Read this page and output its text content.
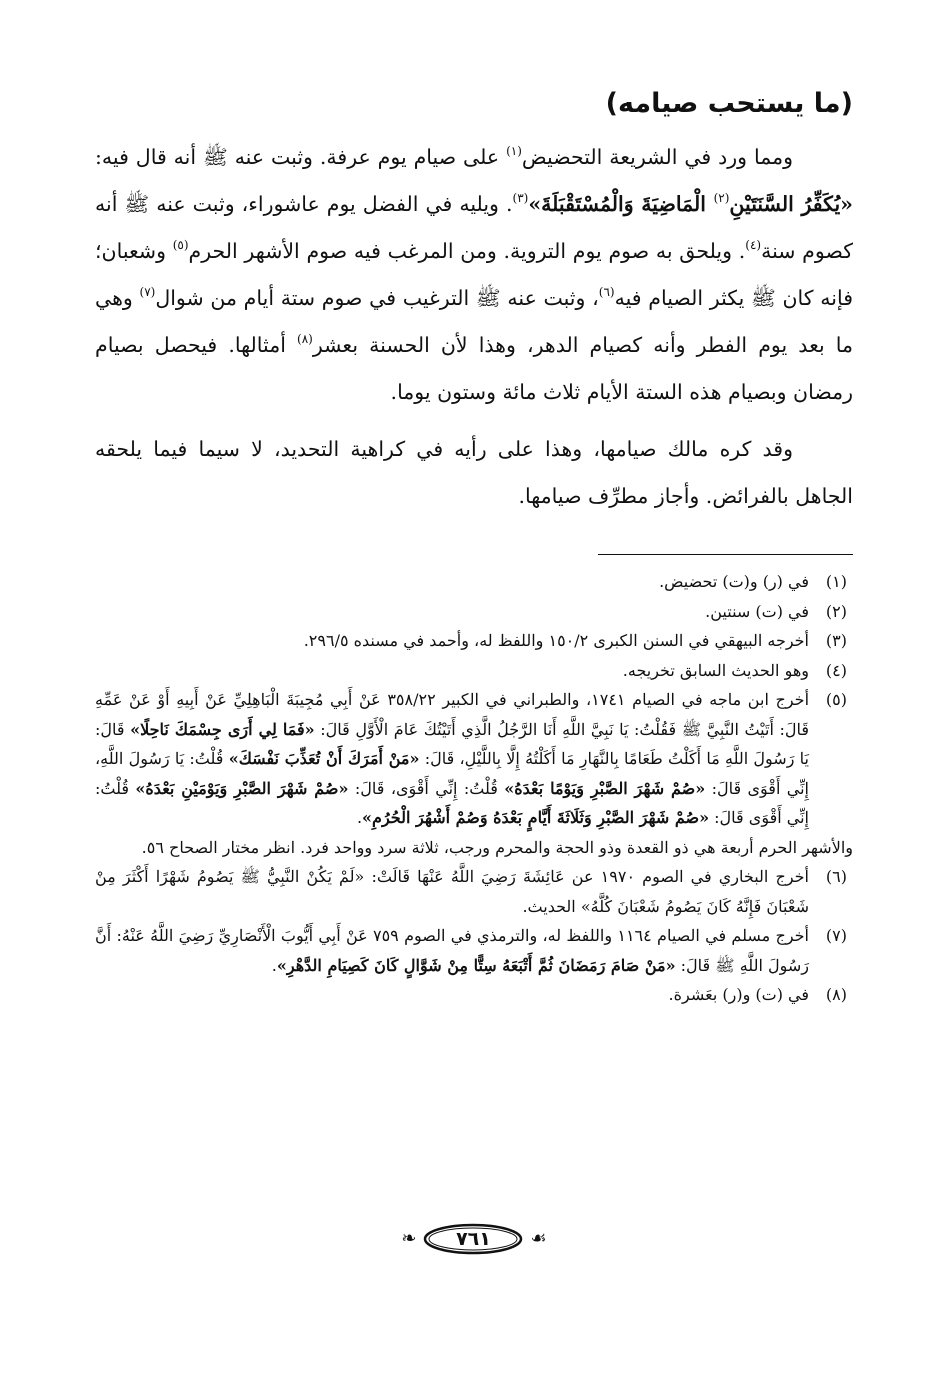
(ما يستحب صيامه)

ومما ورد في الشريعة التحضيض$^{(١)}$ على صيام يوم عرفة. وثبت عنه ﷺ أنه قال فيه: «يُكَفِّرُ السَّنَتَيْنِ$^{(٢)}$ الْمَاضِيَةَ وَالْمُسْتَقْبَلَةَ»$^{(٣)}$. ويليه في الفضل يوم عاشوراء، وثبت عنه ﷺ أنه كصوم سنة$^{(٤)}$. ويلحق به صوم يوم التروية. ومن المرغب فيه صوم الأشهر الحرم$^{(٥)}$ وشعبان؛ فإنه كان ﷺ يكثر الصيام فيه$^{(٦)}$، وثبت عنه ﷺ الترغيب في صوم ستة أيام من شوال$^{(٧)}$ وهي ما بعد يوم الفطر وأنه كصيام الدهر، وهذا لأن الحسنة بعشر$^{(٨)}$ أمثالها. فيحصل بصيام رمضان وبصيام هذه الستة الأيام ثلاث مائة وستون يوما.

وقد كره مالك صيامها، وهذا على رأيه في كراهية التحديد، لا سيما فيما يلحقه الجاهل بالفرائض. وأجاز مطرِّف صيامها.

(١)
في (ر) و(ت) تحضيض.
(٢)
في (ت) سنتين.
(٣)
أخرجه البيهقي في السنن الكبرى ١٥٠/٢ واللفظ له، وأحمد في مسنده ٢٩٦/٥.
(٤)
وهو الحديث السابق تخريجه.
(٥)
أخرج ابن ماجه في الصيام ١٧٤١، والطبراني في الكبير ٣٥٨/٢٢ عَنْ أَبِي مُجِيبَةَ الْبَاهِلِيِّ عَنْ أَبِيهِ أَوْ عَنْ عَمِّهِ قَالَ: أَتَيْتُ النَّبِيَّ ﷺ فَقُلْتُ: يَا نَبِيَّ اللَّهِ أَنَا الرَّجُلُ الَّذِي أَتَيْتُكَ عَامَ الْأَوَّلِ قَالَ: «فَمَا لِي أَرَى جِسْمَكَ نَاحِلًا» قَالَ: يَا رَسُولَ اللَّهِ مَا أَكَلْتُ طَعَامًا بِالنَّهَارِ مَا أَكَلْتُهُ إِلَّا بِاللَّيْلِ، قَالَ: «مَنْ أَمَرَكَ أَنْ تُعَذِّبَ نَفْسَكَ» قُلْتُ: يَا رَسُولَ اللَّهِ، إِنِّي أَقْوَى قَالَ: «صُمْ شَهْرَ الصَّبْرِ وَيَوْمًا بَعْدَهُ» قُلْتُ: إِنِّي أَقْوَى، قَالَ: «صُمْ شَهْرَ الصَّبْرِ وَيَوْمَيْنِ بَعْدَهُ» قُلْتُ: إِنِّي أَقْوَى قَالَ: «صُمْ شَهْرَ الصَّبْرِ وَثَلَاثَةَ أَيَّامٍ بَعْدَهُ وَصُمْ أَشْهُرَ الْحُرُمِ».

والأشهر الحرم أربعة هي ذو القعدة وذو الحجة والمحرم ورجب، ثلاثة سرد وواحد فرد. انظر مختار الصحاح ٥٦.

(٦)
أخرج البخاري في الصوم ١٩٧٠ عن عَائِشَةَ رَضِيَ اللَّهُ عَنْهَا قَالَتْ: «لَمْ يَكُنْ النَّبِيُّ ﷺ يَصُومُ شَهْرًا أَكْثَرَ مِنْ شَعْبَانَ فَإِنَّهُ كَانَ يَصُومُ شَعْبَانَ كُلَّهُ» الحديث.
(٧)
أخرج مسلم في الصيام ١١٦٤ واللفظ له، والترمذي في الصوم ٧٥٩ عَنْ أَبِي أَيُّوبَ الْأَنْصَارِيِّ رَضِيَ اللَّهُ عَنْهُ: أَنَّ رَسُولَ اللَّهِ ﷺ قَالَ: «مَنْ صَامَ رَمَضَانَ ثُمَّ أَتْبَعَهُ سِتًّا مِنْ شَوَّالٍ كَانَ كَصِيَامِ الدَّهْرِ».
(٨)
في (ت) و(ر) بعَشرة.
❧ ٧٦١ ☙
